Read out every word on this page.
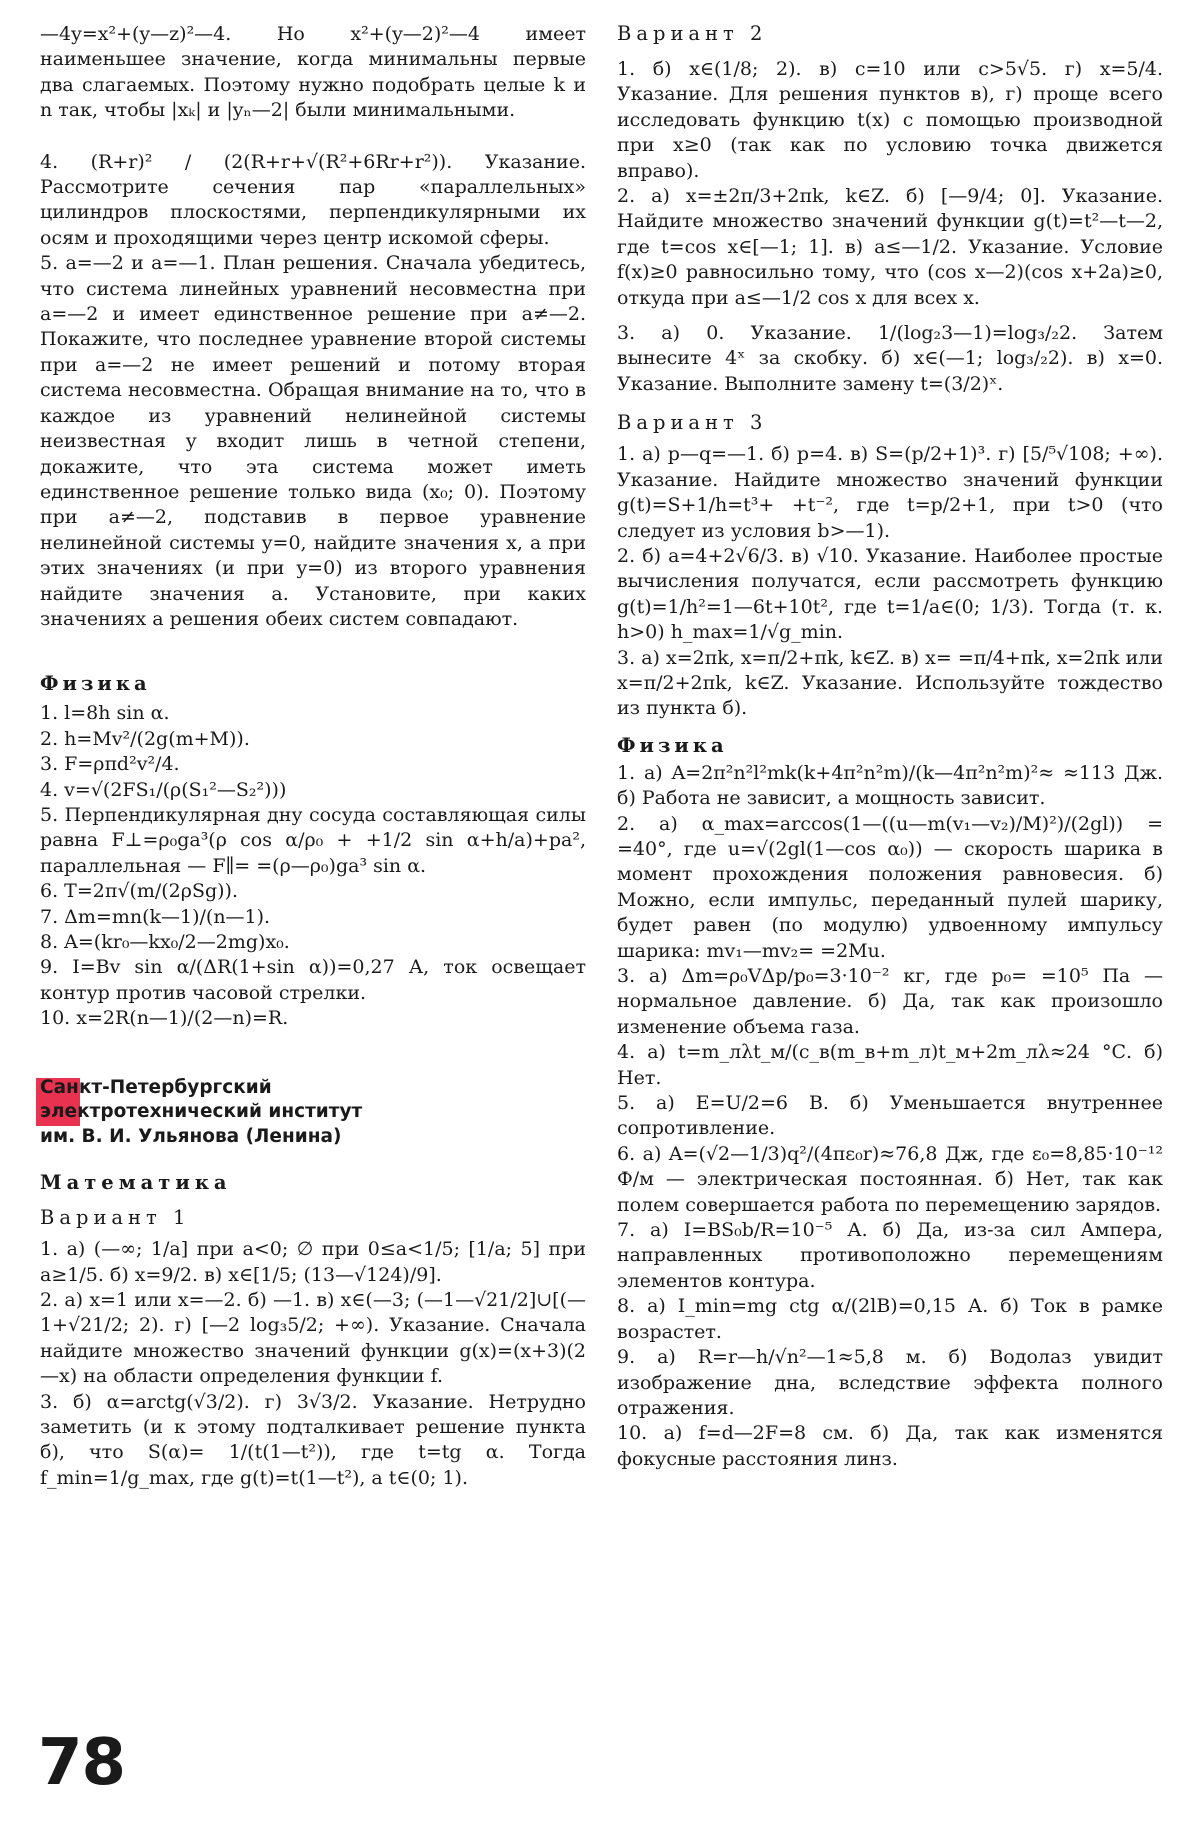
—4y=x²+(y—z)²—4. Но x²+(y—2)²—4 имеет наименьшее значение, когда минимальны первые два слагаемых. Поэтому нужно подобрать целые k и n так, чтобы |xₖ| и |yₙ—2| были минимальными.

4. (R+r)² / (2(R+r+√(R²+6Rr+r²)). Указание. Рассмотрите сечения пар «параллельных» цилиндров плоскостями, перпендикулярными их осям и проходящими через центр искомой сферы.

5. a=—2 и a=—1. План решения. Сначала убедитесь, что система линейных уравнений несовместна при a=—2 и имеет единственное решение при a≠—2. Покажите, что последнее уравнение второй системы при a=—2 не имеет решений и потому вторая система несовместна. Обращая внимание на то, что в каждое из уравнений нелинейной системы неизвестная y входит лишь в четной степени, докажите, что эта система может иметь единственное решение только вида (x₀; 0). Поэтому при a≠—2, подставив в первое уравнение нелинейной системы y=0, найдите значения x, а при этих значениях (и при y=0) из второго уравнения найдите значения a. Установите, при каких значениях a решения обеих систем совпадают.

Физика

1. l=8h sin α.

2. h=Mv²/(2g(m+M)).

3. F=ρπd²v²/4.

4. v=√(2FS₁/(ρ(S₁²—S₂²)))

5. Перпендикулярная дну сосуда составляющая силы равна F⊥=ρ₀ga³(ρ cos α/ρ₀ + +1/2 sin α+h/a)+pa², параллельная — F∥= =(ρ—ρ₀)ga³ sin α.

6. T=2π√(m/(2ρSg)).

7. Δm=mn(k—1)/(n—1).

8. A=(kr₀—kx₀/2—2mg)x₀.

9. I=Bv sin α/(ΔR(1+sin α))=0,27 А, ток освещает контур против часовой стрелки.

10. x=2R(n—1)/(2—n)=R.

Санкт-Петербургский
электротехнический институт
им. В. И. Ульянова (Ленина)

Математика

Вариант 1

1. а) (—∞; 1/a] при a<0; ∅ при 0≤a<1/5; [1/a; 5] при a≥1/5. б) x=9/2. в) x∈[1/5; (13—√124)/9].

2. а) x=1 или x=—2. б) —1. в) x∈(—3; (—1—√21/2]∪[(—1+√21/2; 2). г) [—2 log₃5/2; +∞). Указание. Сначала найдите множество значений функции g(x)=(x+3)(2—x) на области определения функции f.

3. б) α=arctg(√3/2). г) 3√3/2. Указание. Нетрудно заметить (и к этому подталкивает решение пункта б), что S(α)= 1/(t(1—t²)), где t=tg α. Тогда f_min=1/g_max, где g(t)=t(1—t²), а t∈(0; 1).

Вариант 2

1. б) x∈(1/8; 2). в) c=10 или c>5√5. г) x=5/4. Указание. Для решения пунктов в), г) проще всего исследовать функцию t(x) с помощью производной при x≥0 (так как по условию точка движется вправо).

2. а) x=±2π/3+2πk, k∈Z. б) [—9/4; 0]. Указание. Найдите множество значений функции g(t)=t²—t—2, где t=cos x∈[—1; 1]. в) a≤—1/2. Указание. Условие f(x)≥0 равносильно тому, что (cos x—2)(cos x+2a)≥0, откуда при a≤—1/2 cos x для всех x.

3. а) 0. Указание. 1/(log₂3—1)=log₃/₂2. Затем вынесите 4ˣ за скобку. б) x∈(—1; log₃/₂2). в) x=0. Указание. Выполните замену t=(3/2)ˣ.

Вариант 3

1. а) p—q=—1. б) p=4. в) S=(p/2+1)³. г) [5/⁵√108; +∞). Указание. Найдите множество значений функции g(t)=S+1/h=t³+ +t⁻², где t=p/2+1, при t>0 (что следует из условия b>—1).

2. б) a=4+2√6/3. в) √10. Указание. Наиболее простые вычисления получатся, если рассмотреть функцию g(t)=1/h²=1—6t+10t², где t=1/a∈(0; 1/3). Тогда (т. к. h>0) h_max=1/√g_min.

3. а) x=2πk, x=π/2+πk, k∈Z. в) x= =π/4+πk, x=2πk или x=π/2+2πk, k∈Z. Указание. Используйте тождество из пункта б).

Физика

1. а) A=2π²n²l²mk(k+4π²n²m)/(k—4π²n²m)²≈ ≈113 Дж. б) Работа не зависит, а мощность зависит.

2. а) α_max=arccos(1—((u—m(v₁—v₂)/M)²)/(2gl)) = =40°, где u=√(2gl(1—cos α₀)) — скорость шарика в момент прохождения положения равновесия. б) Можно, если импульс, переданный пулей шарику, будет равен (по модулю) удвоенному импульсу шарика: mv₁—mv₂= =2Mu.

3. а) Δm=ρ₀VΔp/p₀=3·10⁻² кг, где p₀= =10⁵ Па — нормальное давление. б) Да, так как произошло изменение объема газа.

4. а) t=m_лλt_м/(c_в(m_в+m_л)t_м+2m_лλ≈24 °С. б) Нет.

5. а) E=U/2=6 В. б) Уменьшается внутреннее сопротивление.

6. а) A=(√2—1/3)q²/(4πε₀r)≈76,8 Дж, где ε₀=8,85·10⁻¹² Ф/м — электрическая постоянная. б) Нет, так как полем совершается работа по перемещению зарядов.

7. а) I=BS₀b/R=10⁻⁵ А. б) Да, из-за сил Ампера, направленных противоположно перемещениям элементов контура.

8. а) I_min=mg ctg α/(2lB)=0,15 А. б) Ток в рамке возрастет.

9. а) R=r—h/√n²—1≈5,8 м. б) Водолаз увидит изображение дна, вследствие эффекта полного отражения.

10. а) f=d—2F=8 см. б) Да, так как изменятся фокусные расстояния линз.

78
